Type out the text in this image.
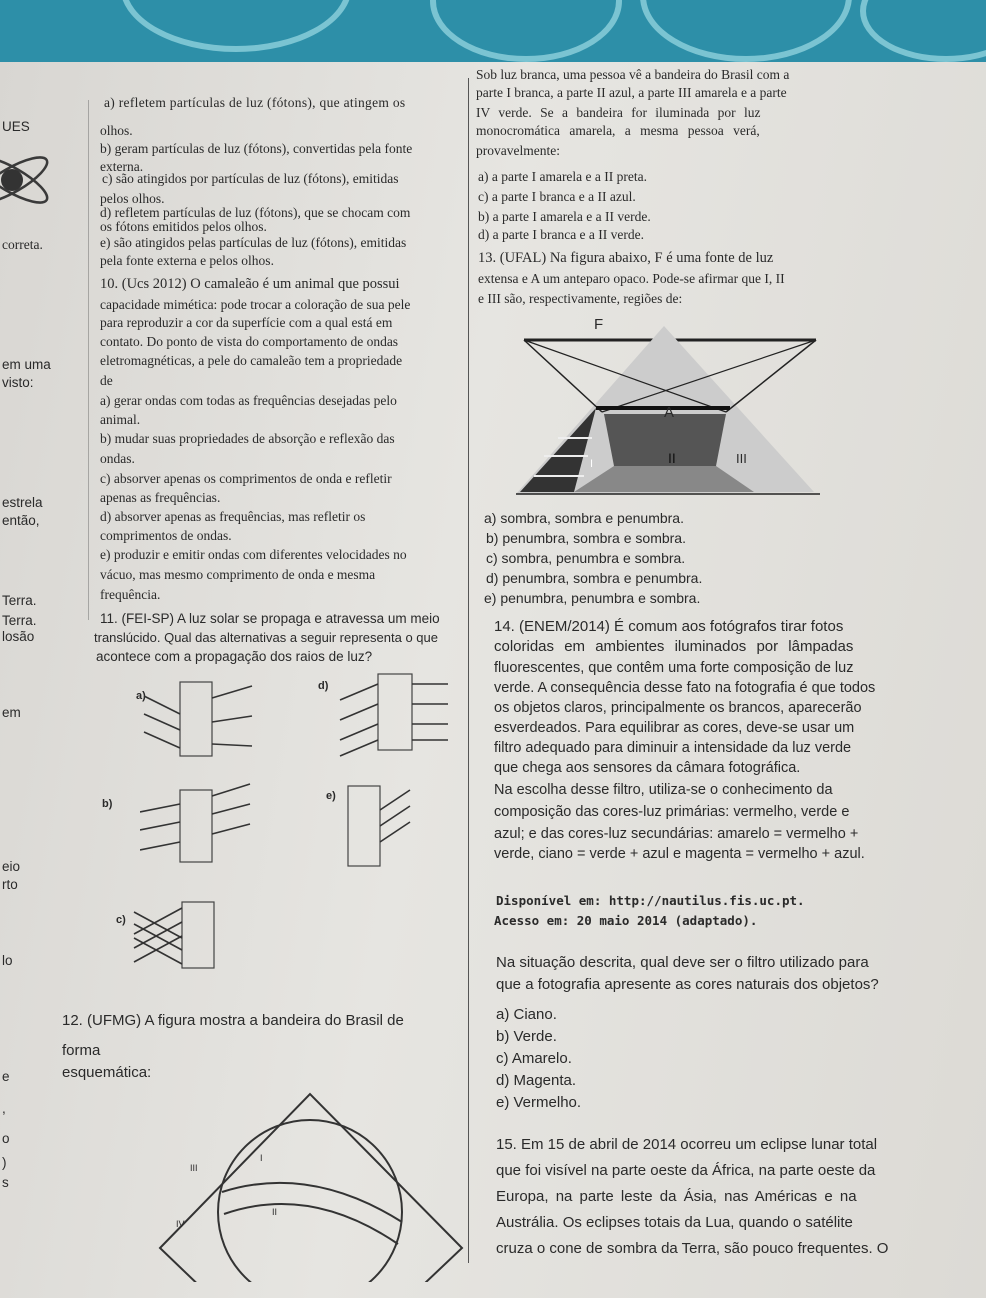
UES
correta.
em uma
visto:
estrela
então,
Terra.
Terra.
losão
em
eio
rto
lo
e
,
o
)
s
a) refletem partículas de luz (fótons), que atingem os
olhos.
b) geram partículas de luz (fótons), convertidas pela fonte
externa.
c) são atingidos por partículas de luz (fótons), emitidas
pelos olhos.
d) refletem partículas de luz (fótons), que se chocam com
os fótons emitidos pelos olhos.
e) são atingidos pelas partículas de luz (fótons), emitidas
pela fonte externa e pelos olhos.
10. (Ucs 2012) O camaleão é um animal que possui
capacidade mimética: pode trocar a coloração de sua pele
para reproduzir a cor da superfície com a qual está em
contato. Do ponto de vista do comportamento de ondas
eletromagnéticas, a pele do camaleão tem a propriedade
de
a) gerar ondas com todas as frequências desejadas pelo
animal.
b) mudar suas propriedades de absorção e reflexão das
ondas.
c) absorver apenas os comprimentos de onda e refletir
apenas as frequências.
d) absorver apenas as frequências, mas refletir os
comprimentos de ondas.
e) produzir e emitir ondas com diferentes velocidades no
vácuo, mas mesmo comprimento de onda e mesma
frequência.
11. (FEI-SP) A luz solar se propaga e atravessa um meio
translúcido. Qual das alternativas a seguir representa o que
acontece com a propagação dos raios de luz?
a)
b)
c)
d)
e)
12. (UFMG) A figura mostra a bandeira do Brasil de
forma
esquemática:
III
I
II
IV
Sob luz branca, uma pessoa vê a bandeira do Brasil com a
parte I branca, a parte II azul, a parte III amarela e a parte
IV verde. Se a bandeira for iluminada por luz
monocromática amarela, a mesma pessoa verá,
provavelmente:
a) a parte I amarela e a II preta.
c) a parte I branca e a II azul.
b) a parte I amarela e a II verde.
d) a parte I branca e a II verde.
13. (UFAL) Na figura abaixo, F é uma fonte de luz
extensa e A um anteparo opaco. Pode-se afirmar que I, II
e III são, respectivamente, regiões de:
F
A
I	II	III
a) sombra, sombra e penumbra.
b) penumbra, sombra e sombra.
c) sombra, penumbra e sombra.
d) penumbra, sombra e penumbra.
e) penumbra, penumbra e sombra.
14. (ENEM/2014) É comum aos fotógrafos tirar fotos
coloridas em ambientes iluminados por lâmpadas
fluorescentes, que contêm uma forte composição de luz
verde. A consequência desse fato na fotografia é que todos
os objetos claros, principalmente os brancos, aparecerão
esverdeados. Para equilibrar as cores, deve-se usar um
filtro adequado para diminuir a intensidade da luz verde
que chega aos sensores da câmara fotográfica.
Na escolha desse filtro, utiliza-se o conhecimento da
composição das cores-luz primárias: vermelho, verde e
azul; e das cores-luz secundárias: amarelo = vermelho +
verde, ciano = verde + azul e magenta = vermelho + azul.
Disponível em: http://nautilus.fis.uc.pt.
Acesso em: 20 maio 2014 (adaptado).
Na situação descrita, qual deve ser o filtro utilizado para
que a fotografia apresente as cores naturais dos objetos?
a) Ciano.
b) Verde.
c) Amarelo.
d) Magenta.
e) Vermelho.
15. Em 15 de abril de 2014 ocorreu um eclipse lunar total
que foi visível na parte oeste da África, na parte oeste da
Europa, na parte leste da Ásia, nas Américas e na
Austrália. Os eclipses totais da Lua, quando o satélite
cruza o cone de sombra da Terra, são pouco frequentes. O
